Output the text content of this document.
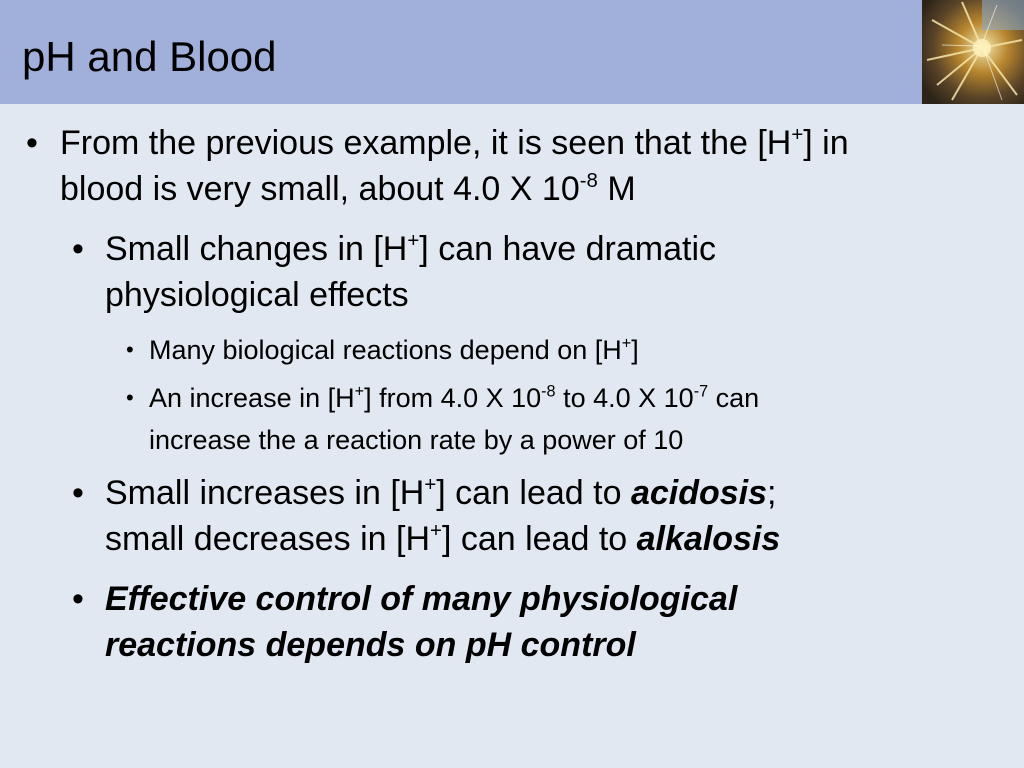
pH and Blood
• From the previous example, it is seen that the [H+] in
blood is very small, about 4.0 X $10^{-8}$ M
• Small changes in [H+] can have dramatic
physiological effects
• Many biological reactions depend on [H+]
• An increase in [H+] from 4.0 X $10^{-8}$ to 4.0 X $10^{-7}$ can
increase the a reaction rate by a power of 10
• Small increases in [H+] can lead to acidosis;
small decreases in [H+] can lead to alkalosis
• Effective control of many physiological
reactions depends on pH control
